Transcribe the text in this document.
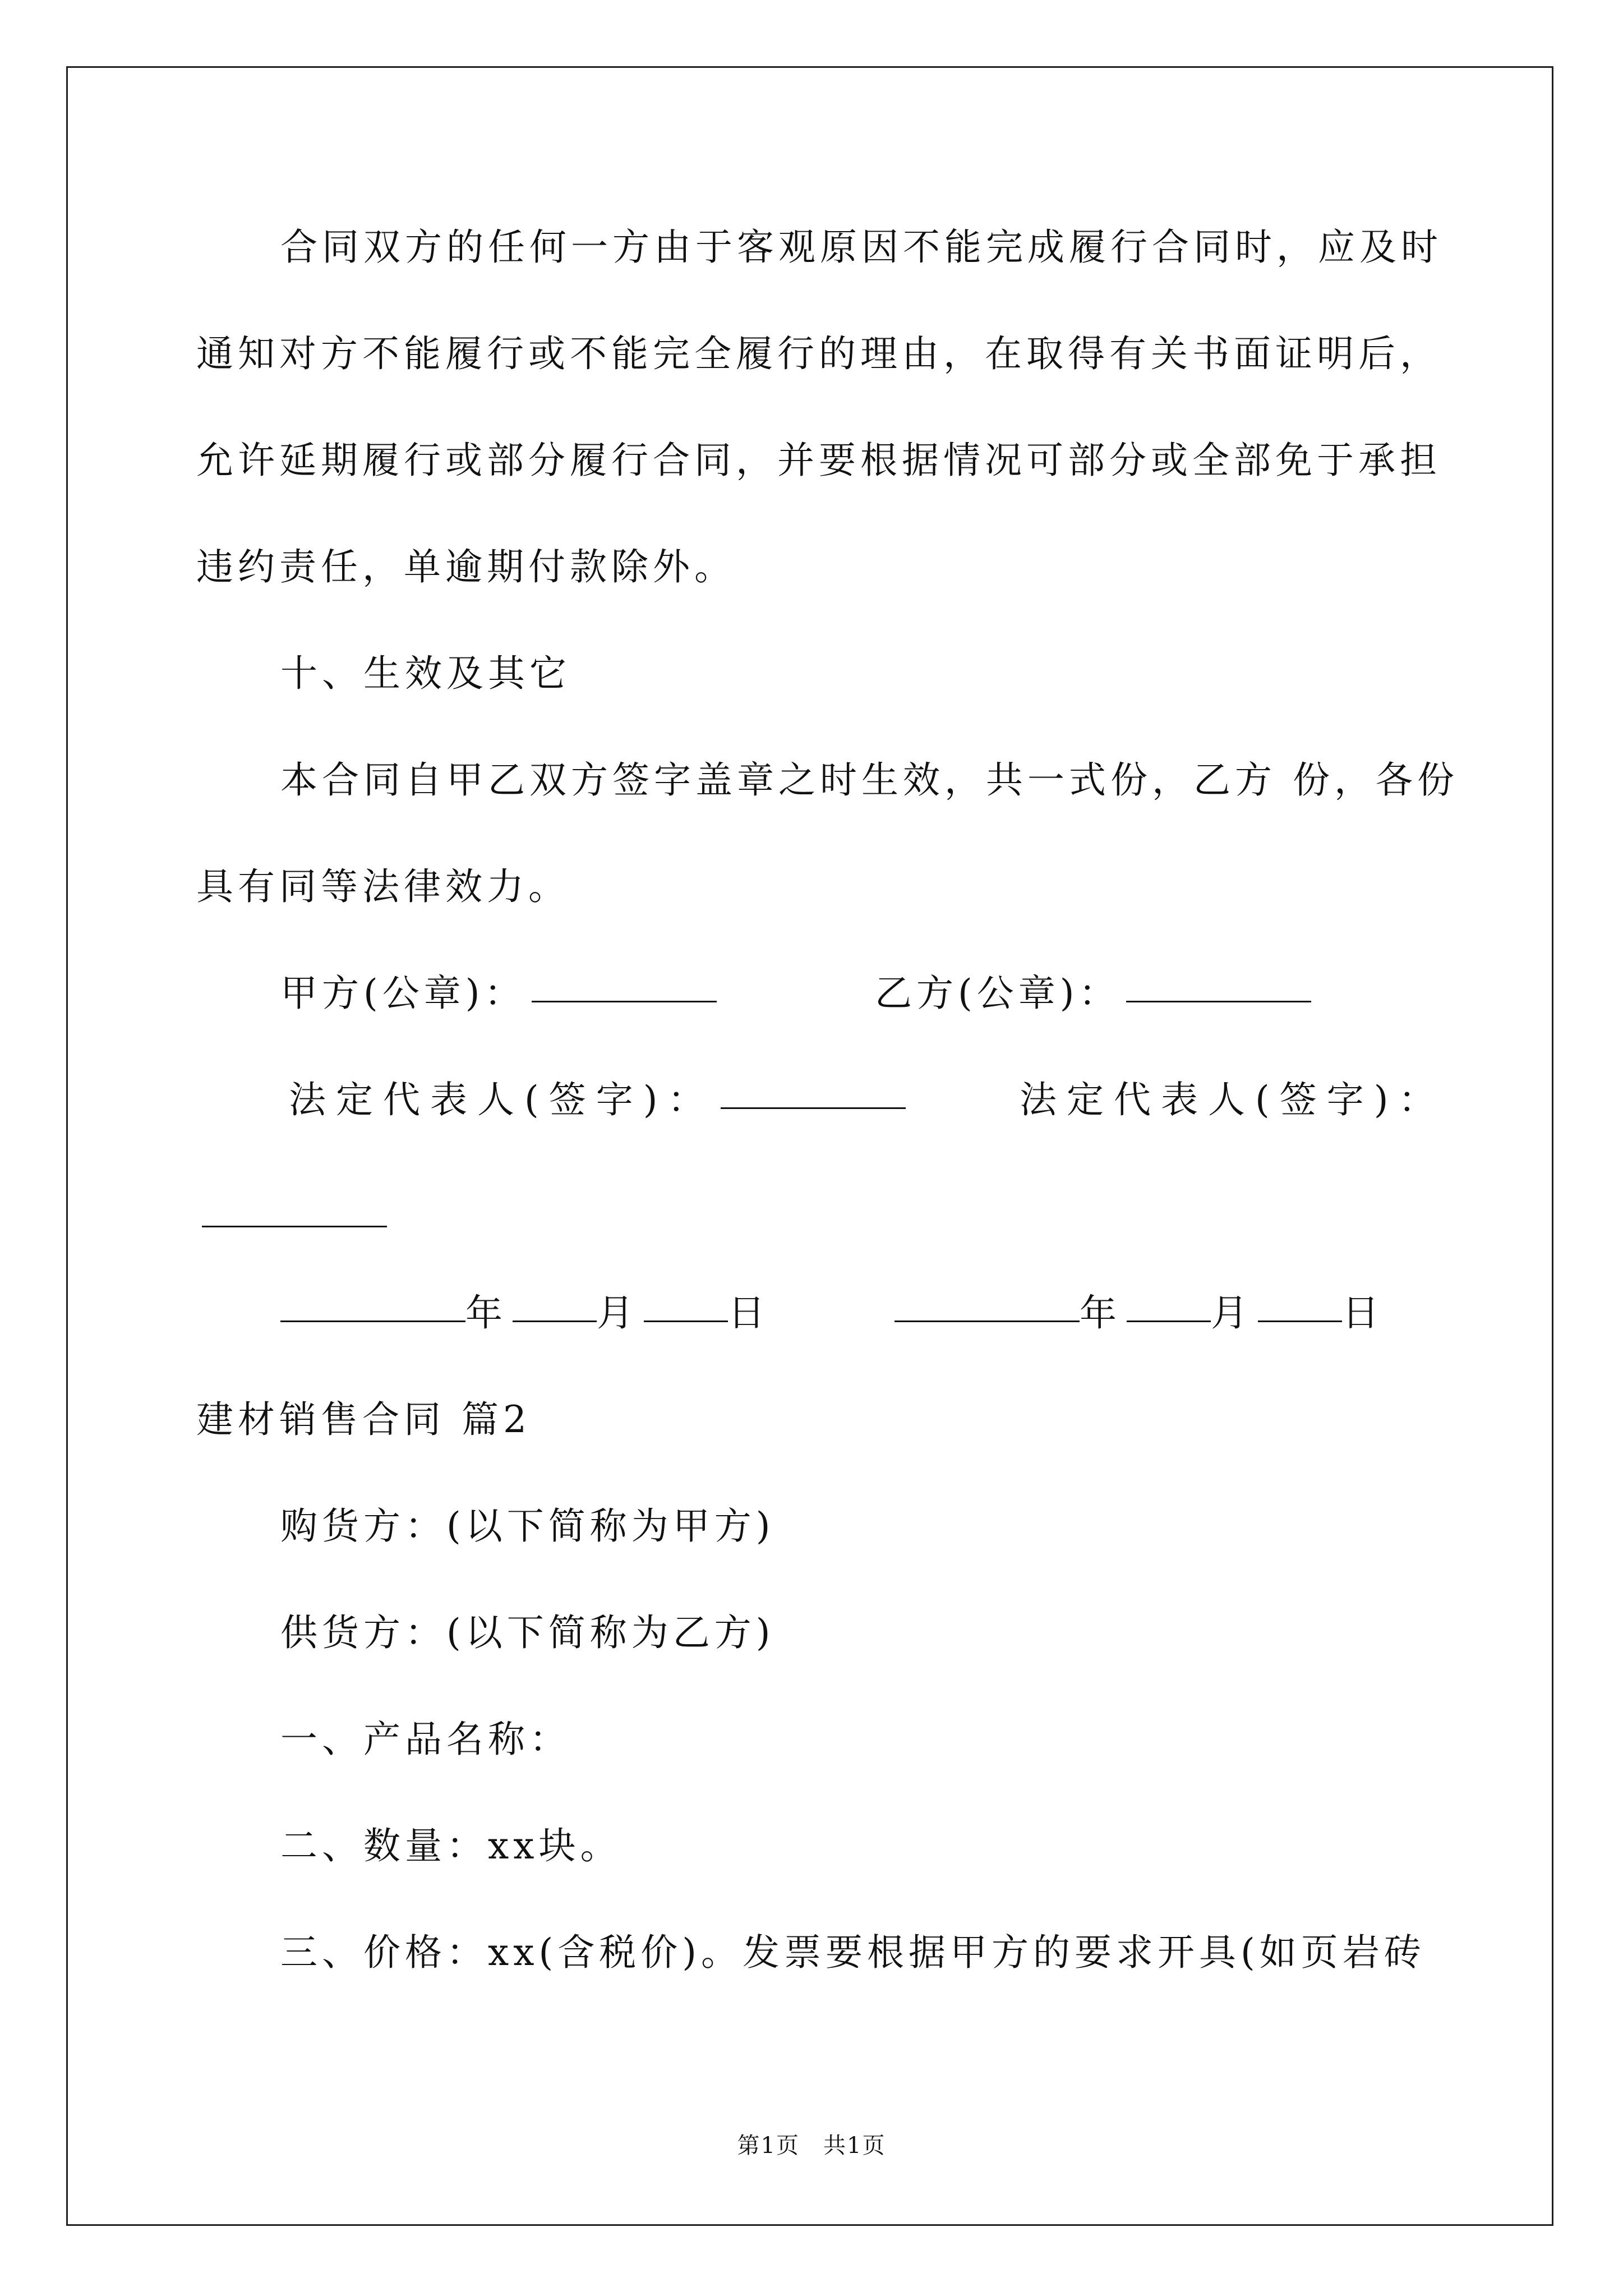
合同双方的任何一方由于客观原因不能完成履行合同时，应及时
通知对方不能履行或不能完全履行的理由，在取得有关书面证明后，
允许延期履行或部分履行合同，并要根据情况可部分或全部免于承担
违约责任，单逾期付款除外。
十、生效及其它
本合同自甲乙双方签字盖章之时生效，共一式份，乙方 份，各份
具有同等法律效力。
甲方(公章)：	乙方(公章)：
法定代表人(签字)：	法定代表人(签字)：
年 月 日	年 月 日
建材销售合同 篇2
购货方：(以下简称为甲方)
供货方：(以下简称为乙方)
一、产品名称：
二、数量：xx块。
三、价格：xx(含税价)。发票要根据甲方的要求开具(如页岩砖
第1页　共1页
